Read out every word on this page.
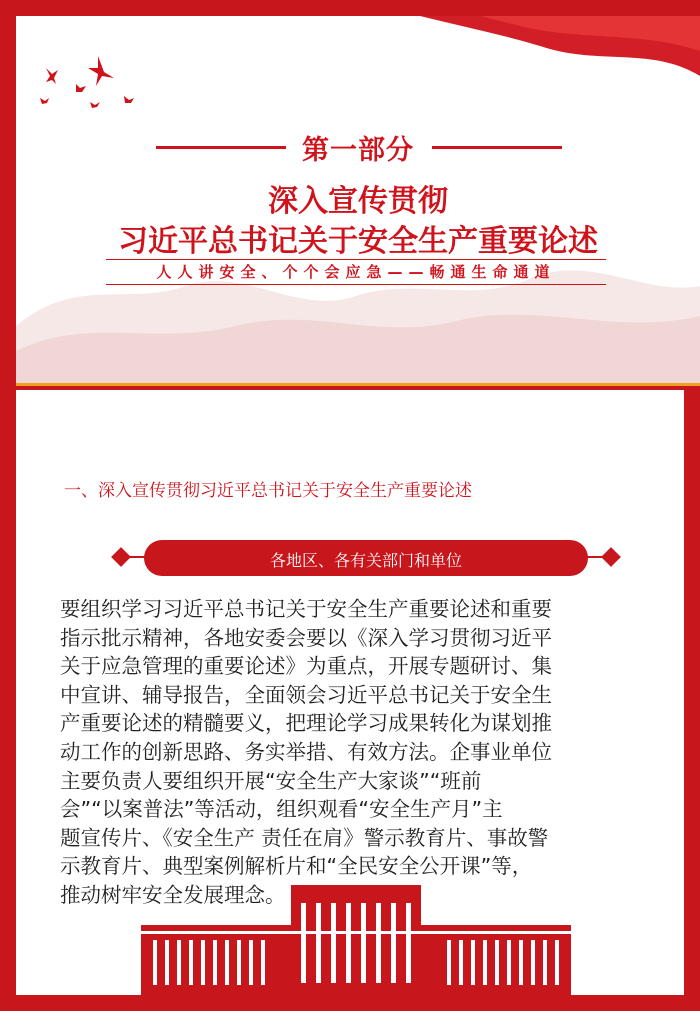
第一部分
深入宣传贯彻
习近平总书记关于安全生产重要论述
人人讲安全、个个会应急——畅通生命通道
一、深入宣传贯彻习近平总书记关于安全生产重要论述
各地区、各有关部门和单位
要组织学习习近平总书记关于安全生产重要论述和重要
指示批示精神，各地安委会要以《深入学习贯彻习近平
关于应急管理的重要论述》为重点，开展专题研讨、集
中宣讲、辅导报告，全面领会习近平总书记关于安全生
产重要论述的精髓要义，把理论学习成果转化为谋划推
动工作的创新思路、务实举措、有效方法。企事业单位
主要负责人要组织开展“安全生产大家谈”“班前
会”“以案普法”等活动，组织观看“安全生产月”主
题宣传片、《安全生产 责任在肩》警示教育片、事故警
示教育片、典型案例解析片和“全民安全公开课”等，
推动树牢安全发展理念。
